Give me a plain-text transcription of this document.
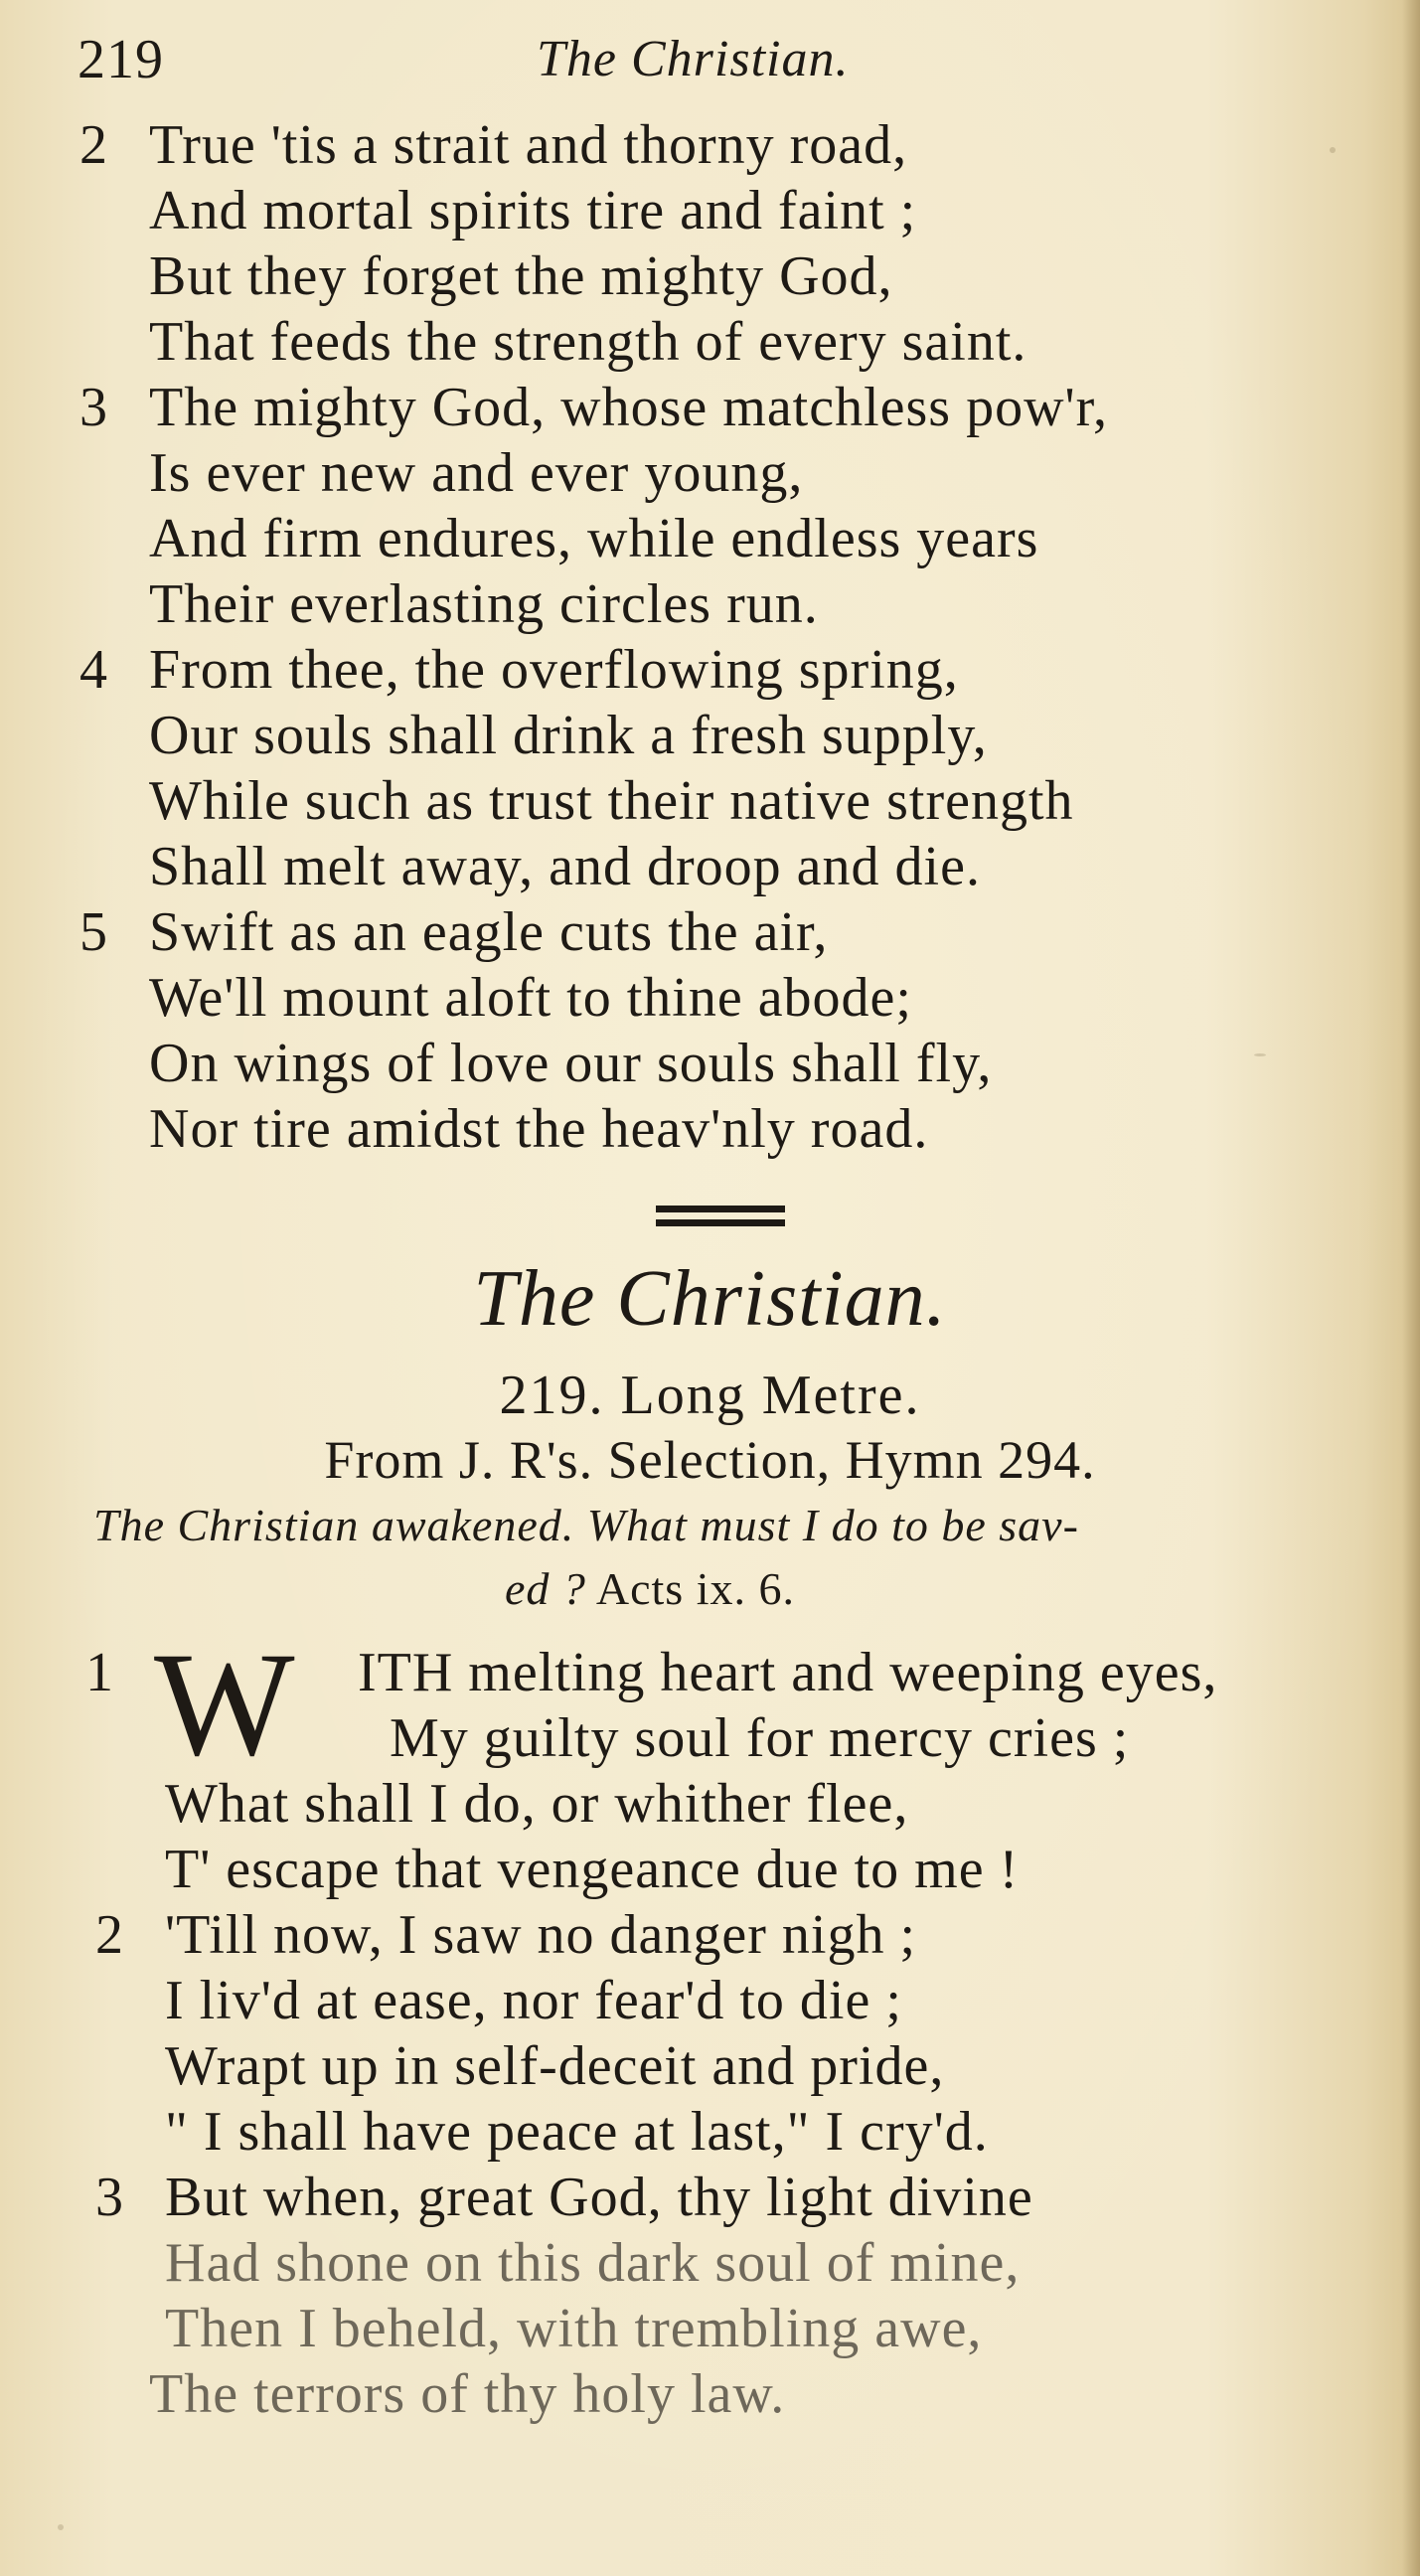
219	The Christian.
2 True 'tis a strait and thorny road,
And mortal spirits tire and faint ;
But they forget the mighty God,
That feeds the strength of every saint.
3 The mighty God, whose matchless pow'r,
Is ever new and ever young,
And firm endures, while endless years
Their everlasting circles run.
4 From thee, the overflowing spring,
Our souls shall drink a fresh supply,
While such as trust their native strength
Shall melt away, and droop and die.
5 Swift as an eagle cuts the air,
We'll mount aloft to thine abode;
On wings of love our souls shall fly,
Nor tire amidst the heav'nly road.
The Christian.
219. Long Metre.
From J. R's. Selection, Hymn 294.
The Christian awakened. What must I do to be sav-
ed ? Acts ix. 6.
1 W ITH melting heart and weeping eyes,
My guilty soul for mercy cries ;
What shall I do, or whither flee,
T' escape that vengeance due to me !
2 'Till now, I saw no danger nigh ;
I liv'd at ease, nor fear'd to die ;
Wrapt up in self-deceit and pride,
" I shall have peace at last," I cry'd.
3 But when, great God, thy light divine
Had shone on this dark soul of mine,
Then I beheld, with trembling awe,
The terrors of thy holy law.
